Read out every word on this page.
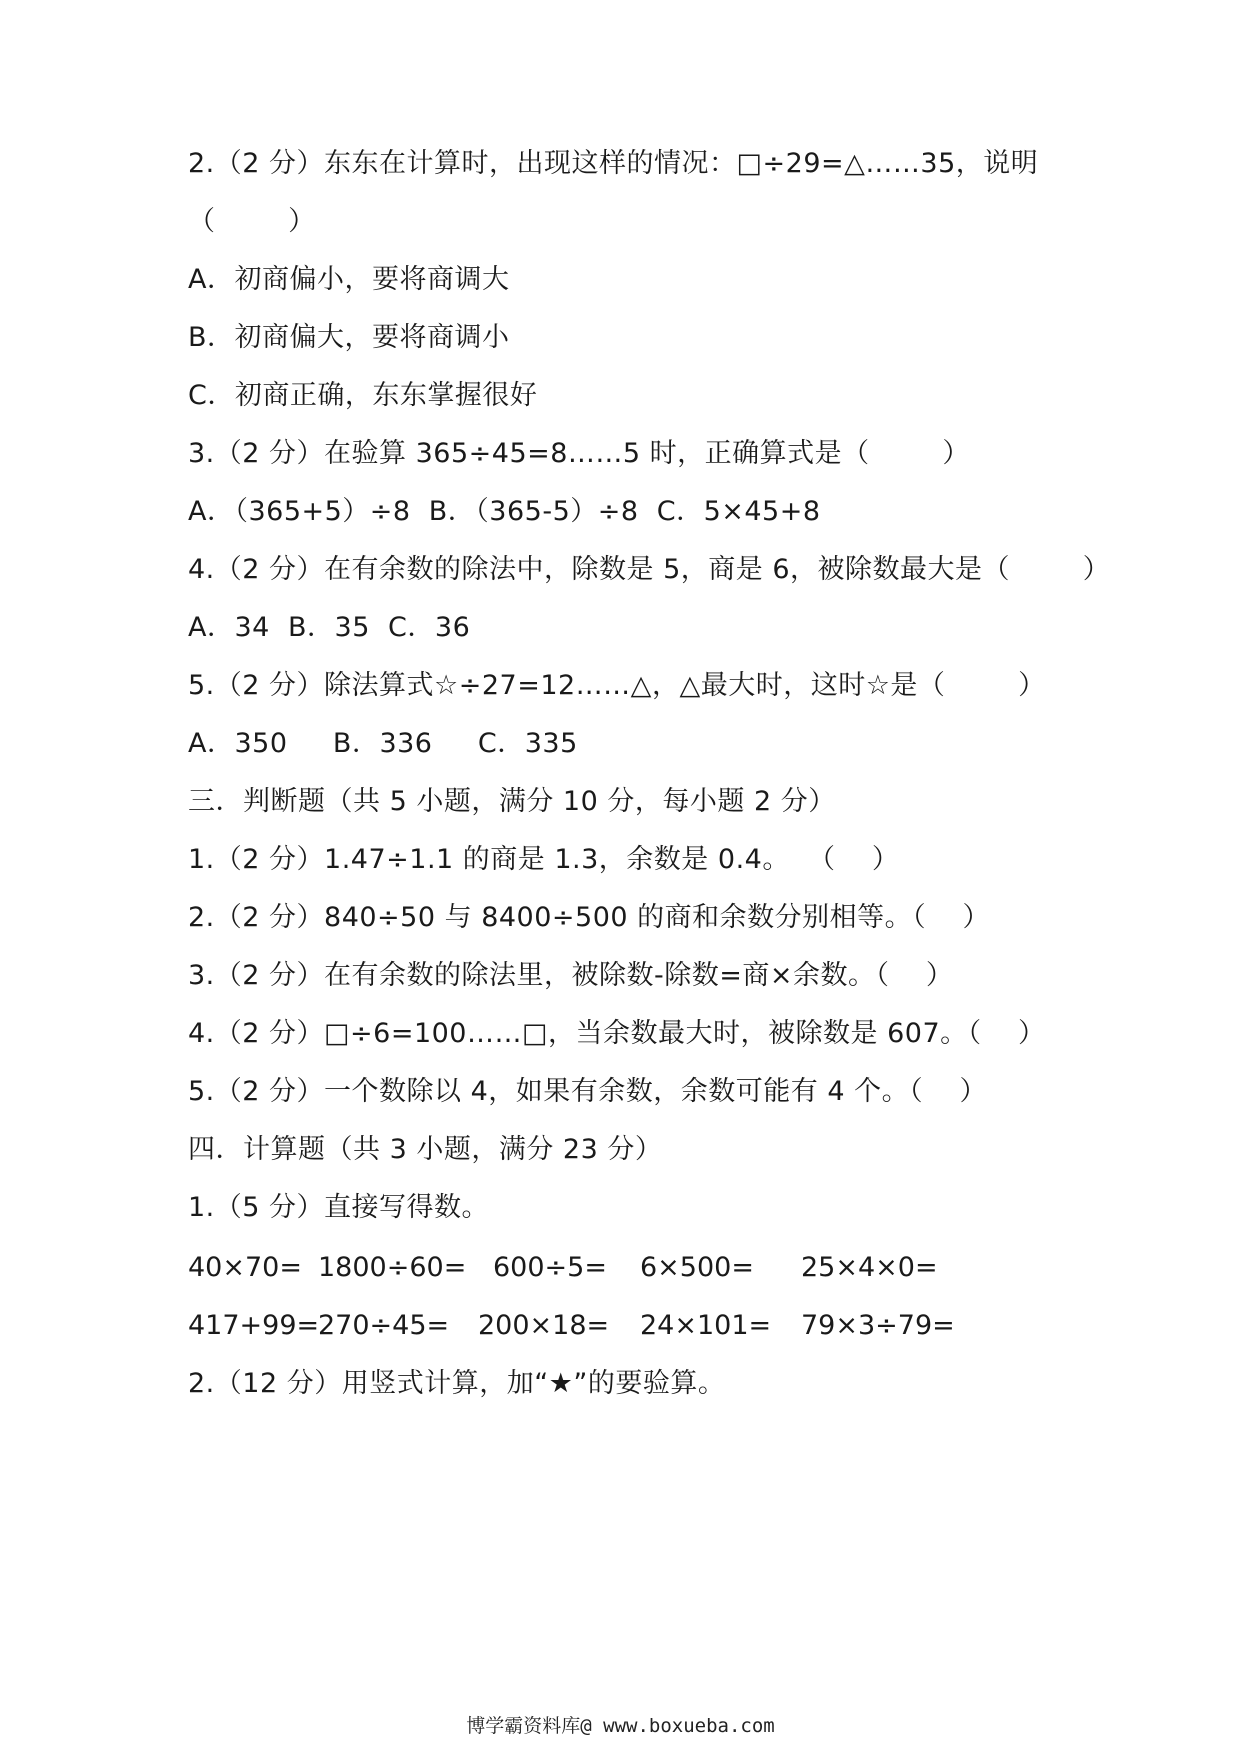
2.（2 分）东东在计算时，出现这样的情况：□÷29=△……35，说明
（        ）
A．初商偏小，要将商调大
B．初商偏大，要将商调小
C．初商正确，东东掌握很好
3.（2 分）在验算 365÷45=8……5 时，正确算式是（        ）
A．（365+5）÷8  B．（365-5）÷8  C．5×45+8
4.（2 分）在有余数的除法中，除数是 5，商是 6，被除数最大是（        ）
A．34  B．35  C．36
5.（2 分）除法算式☆÷27=12……△，△最大时，这时☆是（        ）
A．350     B．336     C．335
三．判断题（共 5 小题，满分 10 分，每小题 2 分）
1.（2 分）1.47÷1.1 的商是 1.3，余数是 0.4。  （    ）
2.（2 分）840÷50 与 8400÷500 的商和余数分别相等。（    ）
3.（2 分）在有余数的除法里，被除数-除数=商×余数。（    ）
4.（2 分）□÷6=100……□，当余数最大时，被除数是 607。（    ）
5.（2 分）一个数除以 4，如果有余数，余数可能有 4 个。（    ）
四．计算题（共 3 小题，满分 23 分）
1.（5 分）直接写得数。
40×70= 1800÷60= 600÷5= 6×500= 25×4×0=
417+99=
270÷45= 200×18= 24×101= 79×3÷79=
2.（12 分）用竖式计算，加“★”的要验算。
博学霸资料库@ www.boxueba.com
